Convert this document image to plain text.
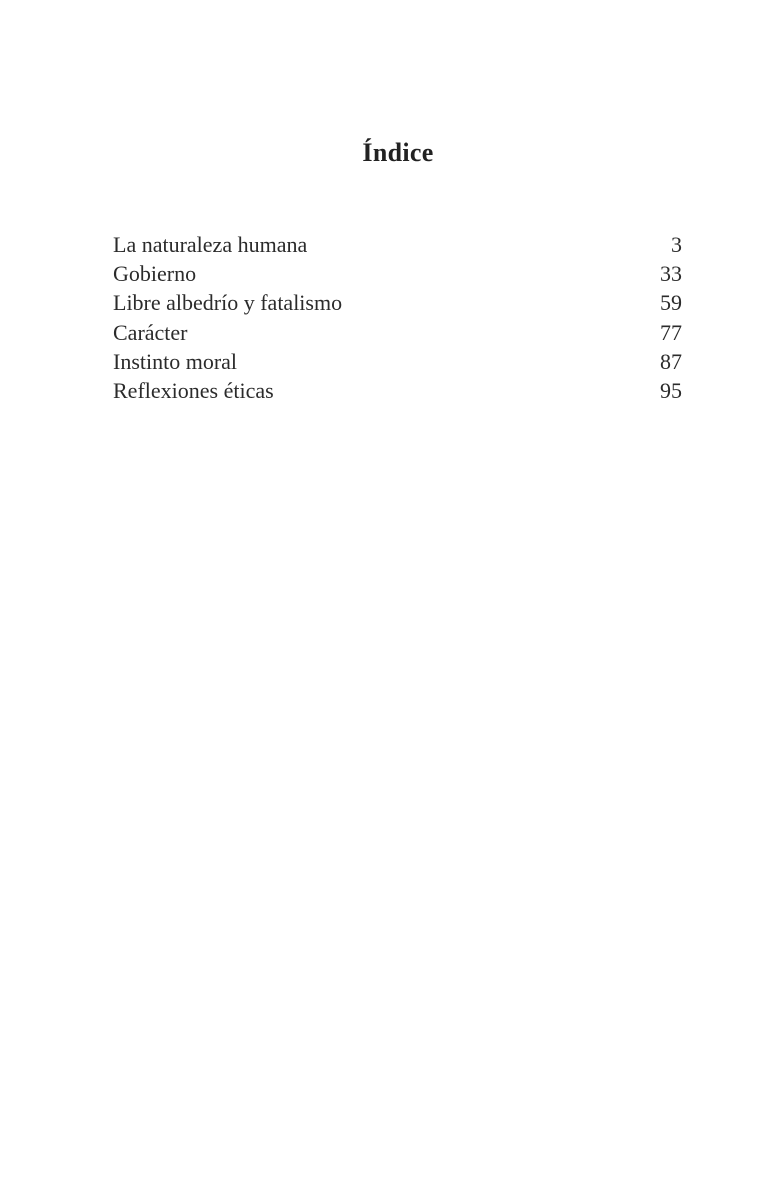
Índice
La naturaleza humana	3
Gobierno	33
Libre albedrío y fatalismo	59
Carácter	77
Instinto moral	87
Reflexiones éticas	95
